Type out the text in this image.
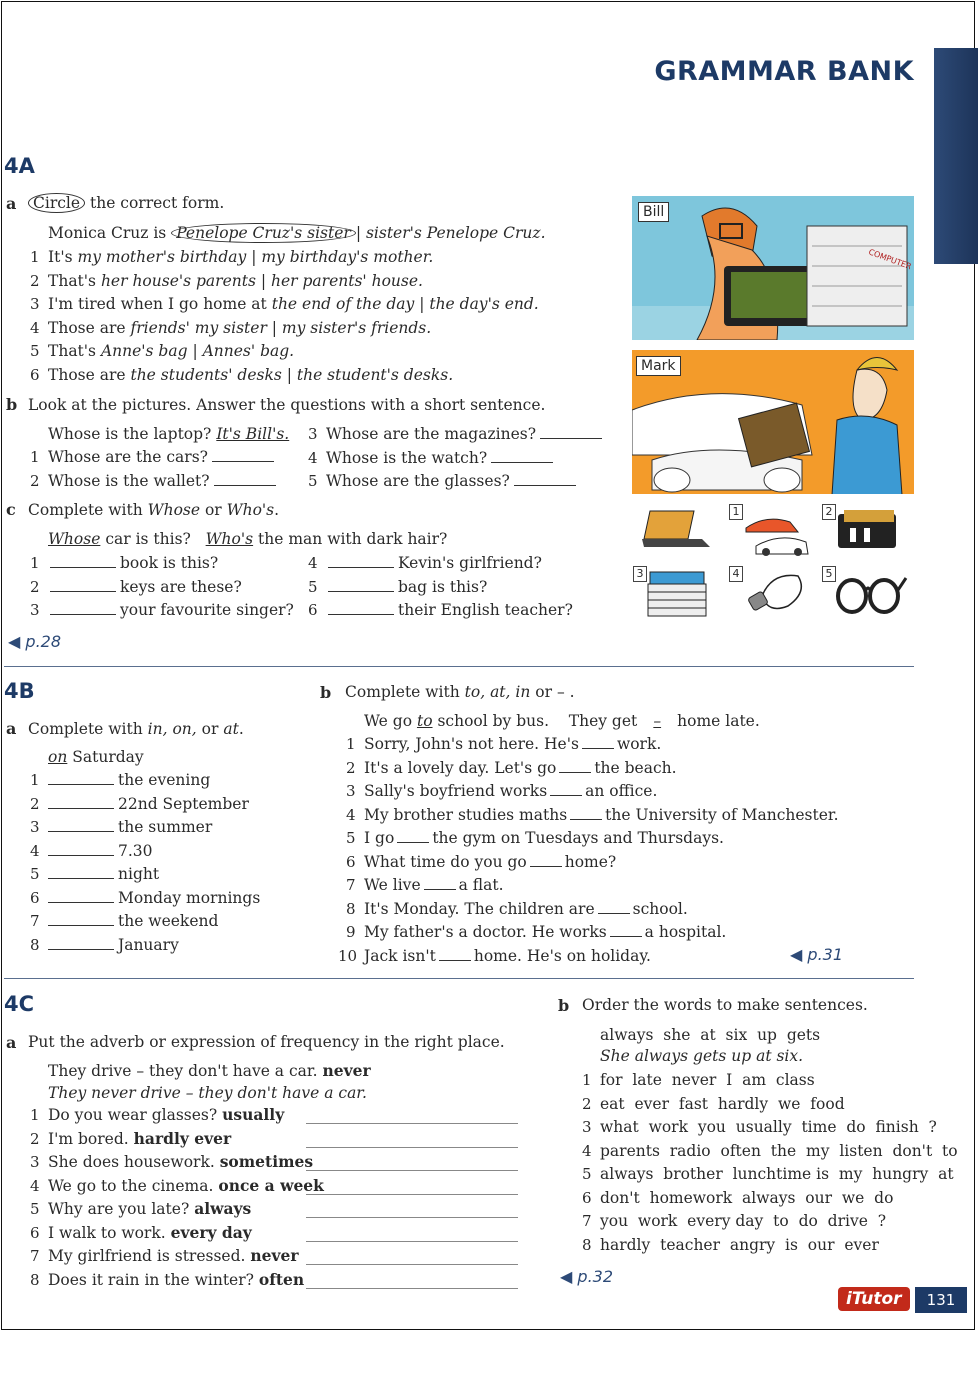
GRAMMAR BANK
4A
a	Circle the correct form.
Monica Cruz is Penelope Cruz's sister | sister's Penelope Cruz.
1 It's my mother's birthday | my birthday's mother.
2 That's her house's parents | her parents' house.
3 I'm tired when I go home at the end of the day | the day's end.
4 Those are friends' my sister | my sister's friends.
5 That's Anne's bag | Annes' bag.
6 Those are the students' desks | the student's desks.
b Look at the pictures. Answer the questions with a short sentence.
Whose is the laptop? It's Bill's.
1 Whose are the cars?
2 Whose is the wallet?
3 Whose are the magazines?
4 Whose is the watch?
5 Whose are the glasses?
c Complete with Whose or Who's.
Whose car is this? Who's the man with dark hair?
1	book is this?
2	keys are these?
3	your favourite singer?
4	Kevin's girlfriend?
5	bag is this?
6	their English teacher?
◀ p.28
COMPUTER
Bill
Mark
1	2
3	4	5
4B
a Complete with in, on, or at.
on Saturday
1	the evening
2	22nd September
3	the summer
4	7.30
5	night
6	Monday mornings
7	the weekend
8	January
b Complete with to, at, in or – .
We go to school by bus. They get – home late.
1 Sorry, John's not here. He's work.
2 It's a lovely day. Let's go the beach.
3 Sally's boyfriend works an office.
4 My brother studies maths the University of Manchester.
5 I go the gym on Tuesdays and Thursdays.
6 What time do you go home?
7 We live a flat.
8 It's Monday. The children are school.
9 My father's a doctor. He works a hospital.
10 Jack isn't home. He's on holiday.	◀ p.31
4C
a Put the adverb or expression of frequency in the right place.
They drive – they don't have a car. never
They never drive – they don't have a car.
1 Do you wear glasses? usually
2 I'm bored. hardly ever
3 She does housework. sometimes
4 We go to the cinema. once a week
5 Why are you late? always
6 I walk to work. every day
7 My girlfriend is stressed. never
8 Does it rain in the winter? often
b Order the words to make sentences.
always  she  at  six  up  gets
She always gets up at six.
1 for  late  never  I  am  class
2 eat  ever  fast  hardly  we  food
3 what  work  you  usually  time  do  finish  ?
4 parents  radio  often  the  my  listen  don't  to
5 always  brother  lunchtime is  my  hungry  at
6 don't  homework  always  our  we  do
7 you  work  every day  to  do  drive  ?
8 hardly  teacher  angry  is  our  ever
◀ p.32
iTutor	131
